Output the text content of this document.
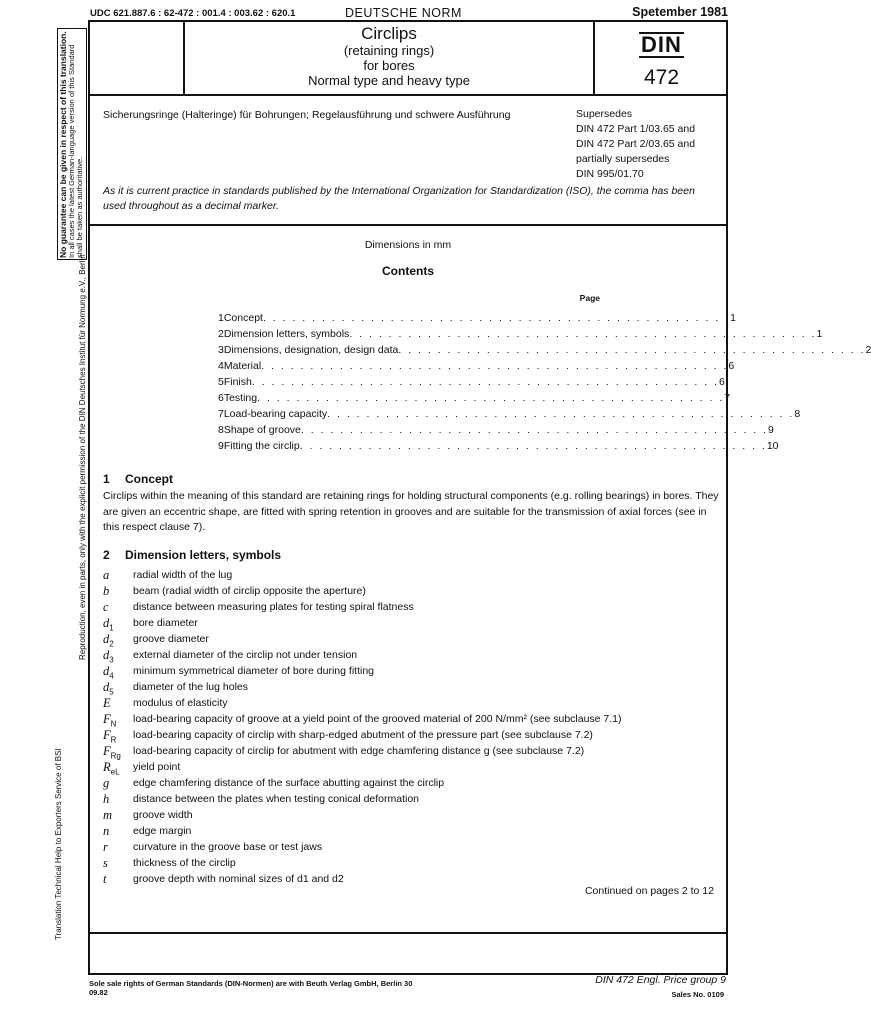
UDC 621.887.6 : 62-472 : 001.4 : 003.62 : 620.1	DEUTSCHE NORM	Spetember 1981
Circlips
(retaining rings)
for bores
Normal type and heavy type
DIN
472
Sicherungsringe (Halteringe) für Bohrungen; Regelausführung und schwere Ausführung	Supersedes
DIN 472 Part 1/03.65 and
DIN 472 Part 2/03.65 and
partially supersedes
DIN 995/01.70
As it is current practice in standards published by the International Organization for Standardization (ISO), the comma has been used throughout as a decimal marker.
Dimensions in mm
Contents
Page
1 Concept . . . . . . . . . . . . . . . . . . . . . . . . . . . . . . . . . . . . . . . . . . . . . . . . 1
2 Dimension letters, symbols . . . . . . . . . . . . . . . . . . . . . . . . . . . . . . . . . . . . . . . . . . . . . . . . 1
3 Dimensions, designation, design data . . . . . . . . . . . . . . . . . . . . . . . . . . . . . . . . . . . . . . . . . . . . . . . . 2
4 Material . . . . . . . . . . . . . . . . . . . . . . . . . . . . . . . . . . . . . . . . . . . . . . . . 6
5 Finish . . . . . . . . . . . . . . . . . . . . . . . . . . . . . . . . . . . . . . . . . . . . . . . . 6
6 Testing . . . . . . . . . . . . . . . . . . . . . . . . . . . . . . . . . . . . . . . . . . . . . . . . 7
7 Load-bearing capacity . . . . . . . . . . . . . . . . . . . . . . . . . . . . . . . . . . . . . . . . . . . . . . . . 8
8 Shape of groove . . . . . . . . . . . . . . . . . . . . . . . . . . . . . . . . . . . . . . . . . . . . . . . . 9
9 Fitting the circlip . . . . . . . . . . . . . . . . . . . . . . . . . . . . . . . . . . . . . . . . . . . . . . . . 10
1 Concept
Circlips within the meaning of this standard are retaining rings for holding structural components (e.g. rolling bearings) in bores. They are given an eccentric shape, are fitted with spring retention in grooves and are suitable for the transmission of axial forces (see in this respect clause 7).
2 Dimension letters, symbols
a	radial width of the lug
b	beam (radial width of circlip opposite the aperture)
c	distance between measuring plates for testing spiral flatness
$d_1$	bore diameter
$d_2$	groove diameter
$d_3$	external diameter of the circlip not under tension
$d_4$	minimum symmetrical diameter of bore during fitting
$d_5$	diameter of the lug holes
E	modulus of elasticity
$F_N$	load-bearing capacity of groove at a yield point of the grooved material of 200 N/mm² (see subclause 7.1)
$F_R$	load-bearing capacity of circlip with sharp-edged abutment of the pressure part (see subclause 7.2)
$F_{Rg}$	load-bearing capacity of circlip for abutment with edge chamfering distance g (see subclause 7.2)
$R_{eL}$	yield point
g	edge chamfering distance of the surface abutting against the circlip
h	distance between the plates when testing conical deformation
m	groove width
n	edge margin
r	curvature in the groove base or test jaws
s	thickness of the circlip
t	groove depth with nominal sizes of d1 and d2
Continued on pages 2 to 12
Sole sale rights of German Standards (DIN-Normen) are with Beuth Verlag GmbH, Berlin 30
09.82
DIN 472 Engl. Price group 9
Sales No. 0109
No guarantee can be given in respect of this translation. In all cases the latest German-language version of this Standard shall be taken as authoritative.
Reproduction, even in parts, only with the explicit permission of the DIN Deutsches Institut für Normung e.V., Berlin
Translation Technical Help to Exporters Service of BSI
